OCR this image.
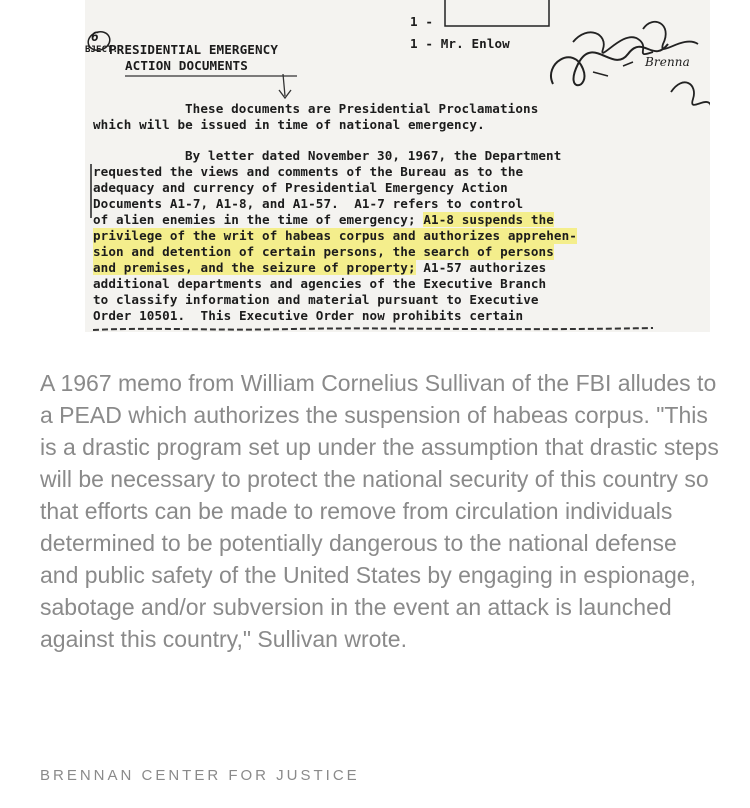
BJECT:
6
PRESIDENTIAL EMERGENCY
ACTION DOCUMENTS
1 -
1 - Mr. Enlow
Brenna
These documents are Presidential Proclamations
which will be issued in time of national emergency.
By letter dated November 30, 1967, the Department
requested the views and comments of the Bureau as to the
adequacy and currency of Presidential Emergency Action
Documents A1-7, A1-8, and A1-57.  A1-7 refers to control
of alien enemies in the time of emergency; A1-8 suspends the
privilege of the writ of habeas corpus and authorizes apprehen-
sion and detention of certain persons, the search of persons
and premises, and the seizure of property; A1-57 authorizes
additional departments and agencies of the Executive Branch
to classify information and material pursuant to Executive
Order 10501.  This Executive Order now prohibits certain

A 1967 memo from William Cornelius Sullivan of the FBI alludes to a PEAD which authorizes the suspension of habeas corpus. "This is a drastic program set up under the assumption that drastic steps will be necessary to protect the national security of this country so that efforts can be made to remove from circulation individuals determined to be potentially dangerous to the national defense and public safety of the United States by engaging in espionage, sabotage and/or subversion in the event an attack is launched against this country," Sullivan wrote.

BRENNAN CENTER FOR JUSTICE
